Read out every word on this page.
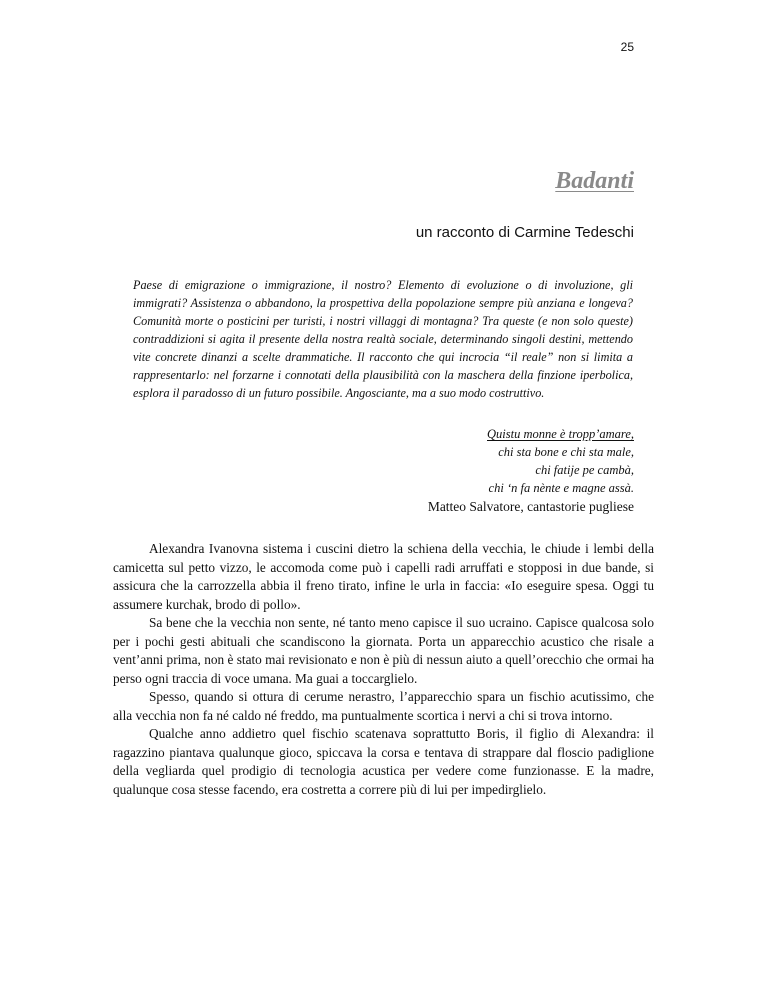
25
Badanti
un racconto di Carmine Tedeschi

Paese di emigrazione o immigrazione, il nostro? Elemento di evoluzione o di involuzione, gli immigrati? Assistenza o abbandono, la prospettiva della popolazione sempre più anziana e longeva? Comunità morte o posticini per turisti, i nostri villaggi di montagna? Tra queste (e non solo queste) contraddizioni si agita il presente della nostra realtà sociale, determinando singoli destini, mettendo vite concrete dinanzi a scelte drammatiche. Il racconto che qui incrocia “il reale” non si limita a rappresentarlo: nel forzarne i connotati della plausibilità con la maschera della finzione iperbolica, esplora il paradosso di un futuro possibile. Angosciante, ma a suo modo costruttivo.

Quistu monne è tropp’amare,
chi sta bone e chi sta male,
chi fatije pe cambà,
chi ‘n fa nènte e magne assà.
Matteo Salvatore, cantastorie pugliese

Alexandra Ivanovna sistema i cuscini dietro la schiena della vecchia, le chiude i lembi della camicetta sul petto vizzo, le accomoda come può i capelli radi arruffati e stopposi in due bande, si assicura che la carrozzella abbia il freno tirato, infine le urla in faccia: «Io eseguire spesa. Oggi tu assumere kurchak, brodo di pollo».

Sa bene che la vecchia non sente, né tanto meno capisce il suo ucraino. Capisce qualcosa solo per i pochi gesti abituali che scandiscono la giornata. Porta un apparecchio acustico che risale a vent’anni prima, non è stato mai revisionato e non è più di nessun aiuto a quell’orecchio che ormai ha perso ogni traccia di voce umana. Ma guai a toccarglielo.

Spesso, quando si ottura di cerume nerastro, l’apparecchio spara un fischio acutissimo, che alla vecchia non fa né caldo né freddo, ma puntualmente scortica i nervi a chi si trova intorno.

Qualche anno addietro quel fischio scatenava soprattutto Boris, il figlio di Alexandra: il ragazzino piantava qualunque gioco, spiccava la corsa e tentava di strappare dal floscio padiglione della vegliarda quel prodigio di tecnologia acustica per vedere come funzionasse. E la madre, qualunque cosa stesse facendo, era costretta a correre più di lui per impedirglielo.
